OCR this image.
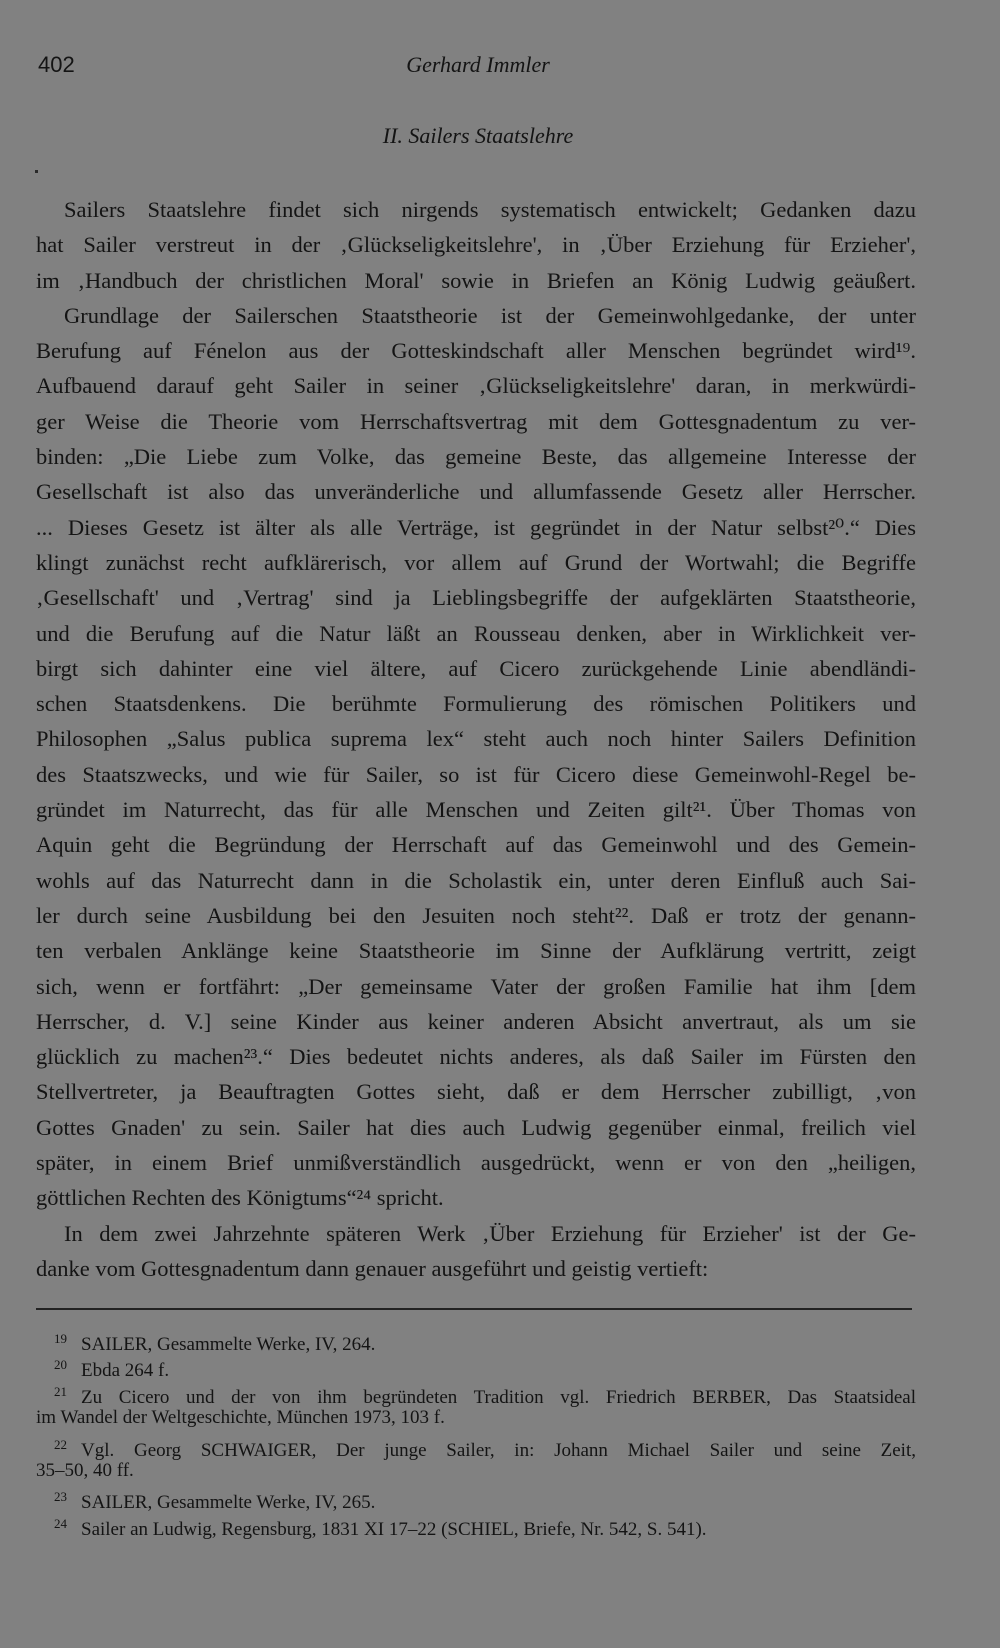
402	Gerhard Immler
II. Sailers Staatslehre
Sailers Staatslehre findet sich nirgends systematisch entwickelt; Gedanken dazu
hat Sailer verstreut in der ‚Glückseligkeitslehre', in ‚Über Erziehung für Erzieher',
im ‚Handbuch der christlichen Moral' sowie in Briefen an König Ludwig geäußert.
Grundlage der Sailerschen Staatstheorie ist der Gemeinwohlgedanke, der unter
Berufung auf Fénelon aus der Gotteskindschaft aller Menschen begründet wird¹⁹.
Aufbauend darauf geht Sailer in seiner ‚Glückseligkeitslehre' daran, in merkwürdi-
ger Weise die Theorie vom Herrschaftsvertrag mit dem Gottesgnadentum zu ver-
binden: „Die Liebe zum Volke, das gemeine Beste, das allgemeine Interesse der
Gesellschaft ist also das unveränderliche und allumfassende Gesetz aller Herrscher.
... Dieses Gesetz ist älter als alle Verträge, ist gegründet in der Natur selbst²⁰.“ Dies
klingt zunächst recht aufklärerisch, vor allem auf Grund der Wortwahl; die Begriffe
‚Gesellschaft' und ‚Vertrag' sind ja Lieblingsbegriffe der aufgeklärten Staatstheorie,
und die Berufung auf die Natur läßt an Rousseau denken, aber in Wirklichkeit ver-
birgt sich dahinter eine viel ältere, auf Cicero zurückgehende Linie abendländi-
schen Staatsdenkens. Die berühmte Formulierung des römischen Politikers und
Philosophen „Salus publica suprema lex“ steht auch noch hinter Sailers Definition
des Staatszwecks, und wie für Sailer, so ist für Cicero diese Gemeinwohl-Regel be-
gründet im Naturrecht, das für alle Menschen und Zeiten gilt²¹. Über Thomas von
Aquin geht die Begründung der Herrschaft auf das Gemeinwohl und des Gemein-
wohls auf das Naturrecht dann in die Scholastik ein, unter deren Einfluß auch Sai-
ler durch seine Ausbildung bei den Jesuiten noch steht²². Daß er trotz der genann-
ten verbalen Anklänge keine Staatstheorie im Sinne der Aufklärung vertritt, zeigt
sich, wenn er fortfährt: „Der gemeinsame Vater der großen Familie hat ihm [dem
Herrscher, d. V.] seine Kinder aus keiner anderen Absicht anvertraut, als um sie
glücklich zu machen²³.“ Dies bedeutet nichts anderes, als daß Sailer im Fürsten den
Stellvertreter, ja Beauftragten Gottes sieht, daß er dem Herrscher zubilligt, ‚von
Gottes Gnaden' zu sein. Sailer hat dies auch Ludwig gegenüber einmal, freilich viel
später, in einem Brief unmißverständlich ausgedrückt, wenn er von den „heiligen,
göttlichen Rechten des Königtums“²⁴ spricht.
In dem zwei Jahrzehnte späteren Werk ‚Über Erziehung für Erzieher' ist der Ge-
danke vom Gottesgnadentum dann genauer ausgeführt und geistig vertieft:
$^{19}$ SAILER, Gesammelte Werke, IV, 264.
$^{20}$ Ebda 264 f.
$^{21}$ Zu Cicero und der von ihm begründeten Tradition vgl. Friedrich BERBER, Das Staatsideal
im Wandel der Weltgeschichte, München 1973, 103 f.
$^{22}$ Vgl. Georg SCHWAIGER, Der junge Sailer, in: Johann Michael Sailer und seine Zeit,
35–50, 40 ff.
$^{23}$ SAILER, Gesammelte Werke, IV, 265.
$^{24}$ Sailer an Ludwig, Regensburg, 1831 XI 17–22 (SCHIEL, Briefe, Nr. 542, S. 541).
